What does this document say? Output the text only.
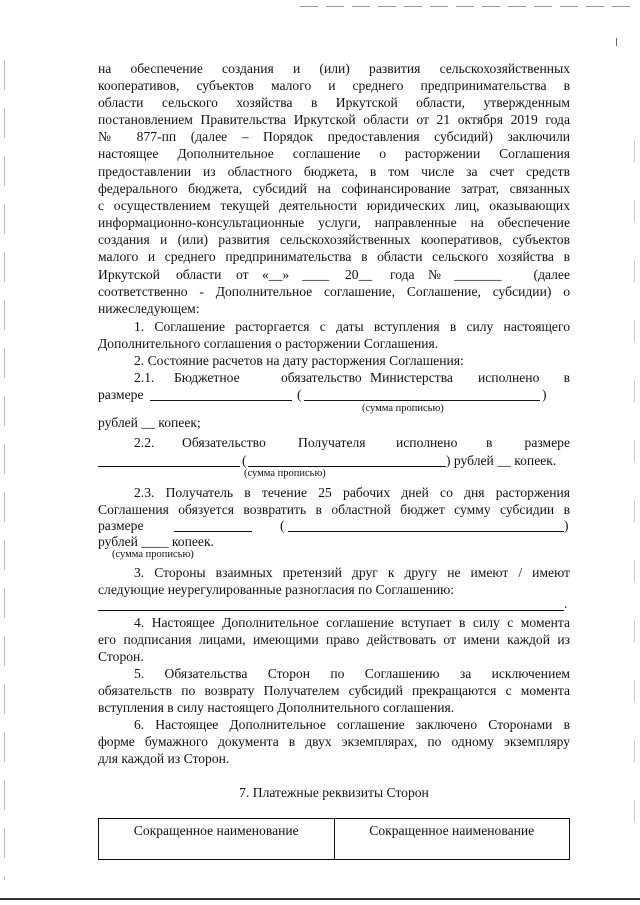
на обеспечение создания и (или) развития сельскохозяйственных
кооперативов, субъектов малого и среднего предпринимательства в
области сельского хозяйства в Иркутской области, утвержденным
постановлением Правительства Иркутской области от 21 октября 2019 года
№ 877-пп (далее – Порядок предоставления субсидий) заключили
настоящее Дополнительное соглашение о расторжении Соглашения
предоставлении из областного бюджета, в том числе за счет средств
федерального бюджета, субсидий на софинансирование затрат, связанных
с осуществлением текущей деятельности юридических лиц, оказывающих
информационно-консультационные услуги, направленные на обеспечение
создания и (или) развития сельскохозяйственных кооперативов, субъектов
малого и среднего предпринимательства в области сельского хозяйства в
Иркутской области от «__» ____ 20__ года № _______ (далее
соответственно - Дополнительное соглашение, Соглашение, субсидии) о
нижеследующем:
1. Соглашение расторгается с даты вступления в силу настоящего
Дополнительного соглашения о расторжении Соглашения.
2. Состояние расчетов на дату расторжения Соглашения:
2.1. Бюджетное	обязательство Министерства исполнено в
размере	(	)
(сумма прописью)
рублей __ копеек;
2.2. Обязательство Получателя исполнено в размере
(	) рублей __ копеек.
(сумма прописью)
2.3. Получатель в течение 25 рабочих дней со дня расторжения
Соглашения обязуется возвратить в областной бюджет сумму субсидии в
размере	(	)
рублей ____ копеек.
(сумма прописью)
3. Стороны взаимных претензий друг к другу не имеют / имеют
следующие неурегулированные разногласия по Соглашению:
.
4. Настоящее Дополнительное соглашение вступает в силу с момента
его подписания лицами, имеющими право действовать от имени каждой из
Сторон.
5. Обязательства Сторон по Соглашению за исключением
обязательств по возврату Получателем субсидий прекращаются с момента
вступления в силу настоящего Дополнительного соглашения.
6. Настоящее Дополнительное соглашение заключено Сторонами в
форме бумажного документа в двух экземплярах, по одному экземпляру
для каждой из Сторон.
7. Платежные реквизиты Сторон
Сокращенное наименование	Сокращенное наименование
